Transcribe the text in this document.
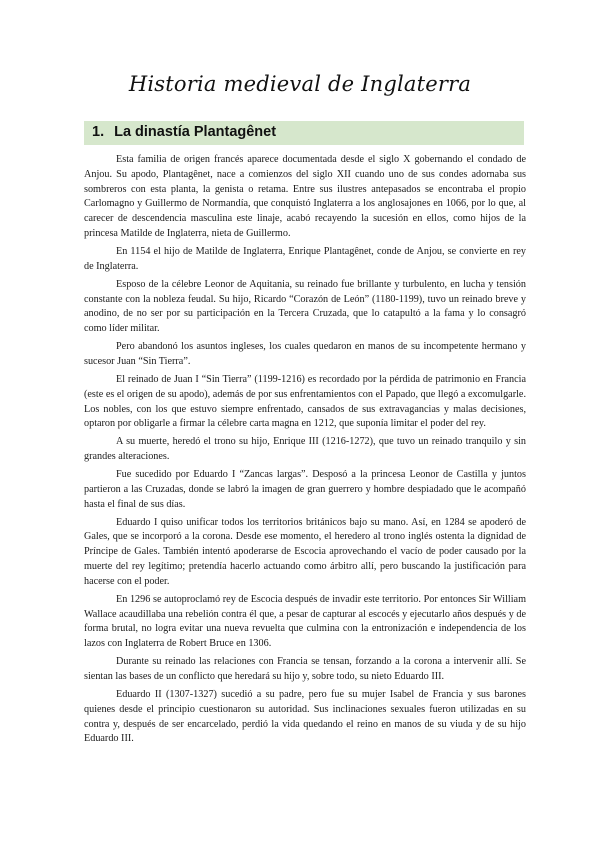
Historia medieval de Inglaterra
1. La dinastía Plantagênet

Esta familia de origen francés aparece documentada desde el siglo X gobernando el condado de Anjou. Su apodo, Plantagênet, nace a comienzos del siglo XII cuando uno de sus condes adornaba sus sombreros con esta planta, la genista o retama. Entre sus ilustres antepasados se encontraba el propio Carlomagno y Guillermo de Normandía, que conquistó Inglaterra a los anglosajones en 1066, por lo que, al carecer de descendencia masculina este linaje, acabó recayendo la sucesión en ellos, como hijos de la princesa Matilde de Inglaterra, nieta de Guillermo.

En 1154 el hijo de Matilde de Inglaterra, Enrique Plantagênet, conde de Anjou, se convierte en rey de Inglaterra.

Esposo de la célebre Leonor de Aquitania, su reinado fue brillante y turbulento, en lucha y tensión constante con la nobleza feudal. Su hijo, Ricardo “Corazón de León” (1180-1199), tuvo un reinado breve y anodino, de no ser por su participación en la Tercera Cruzada, que lo catapultó a la fama y lo consagró como líder militar.

Pero abandonó los asuntos ingleses, los cuales quedaron en manos de su incompetente hermano y sucesor Juan “Sin Tierra”.

El reinado de Juan I “Sin Tierra” (1199-1216) es recordado por la pérdida de patrimonio en Francia (este es el origen de su apodo), además de por sus enfrentamientos con el Papado, que llegó a excomulgarle. Los nobles, con los que estuvo siempre enfrentado, cansados de sus extravagancias y malas decisiones, optaron por obligarle a firmar la célebre carta magna en 1212, que suponía limitar el poder del rey.

A su muerte, heredó el trono su hijo, Enrique III (1216-1272), que tuvo un reinado tranquilo y sin grandes alteraciones.

Fue sucedido por Eduardo I “Zancas largas”. Desposó a la princesa Leonor de Castilla y juntos partieron a las Cruzadas, donde se labró la imagen de gran guerrero y hombre despiadado que le acompañó hasta el final de sus días.

Eduardo I quiso unificar todos los territorios británicos bajo su mano. Así, en 1284 se apoderó de Gales, que se incorporó a la corona. Desde ese momento, el heredero al trono inglés ostenta la dignidad de Príncipe de Gales. También intentó apoderarse de Escocia aprovechando el vacío de poder causado por la muerte del rey legítimo; pretendía hacerlo actuando como árbitro allí, pero buscando la justificación para hacerse con el poder.

En 1296 se autoproclamó rey de Escocia después de invadir este territorio. Por entonces Sir William Wallace acaudillaba una rebelión contra él que, a pesar de capturar al escocés y ejecutarlo años después y de forma brutal, no logra evitar una nueva revuelta que culmina con la entronización e independencia de los lazos con Inglaterra de Robert Bruce en 1306.

Durante su reinado las relaciones con Francia se tensan, forzando a la corona a intervenir allí. Se sientan las bases de un conflicto que heredará su hijo y, sobre todo, su nieto Eduardo III.

Eduardo II (1307-1327) sucedió a su padre, pero fue su mujer Isabel de Francia y sus barones quienes desde el principio cuestionaron su autoridad. Sus inclinaciones sexuales fueron utilizadas en su contra y, después de ser encarcelado, perdió la vida quedando el reino en manos de su viuda y de su hijo Eduardo III.
